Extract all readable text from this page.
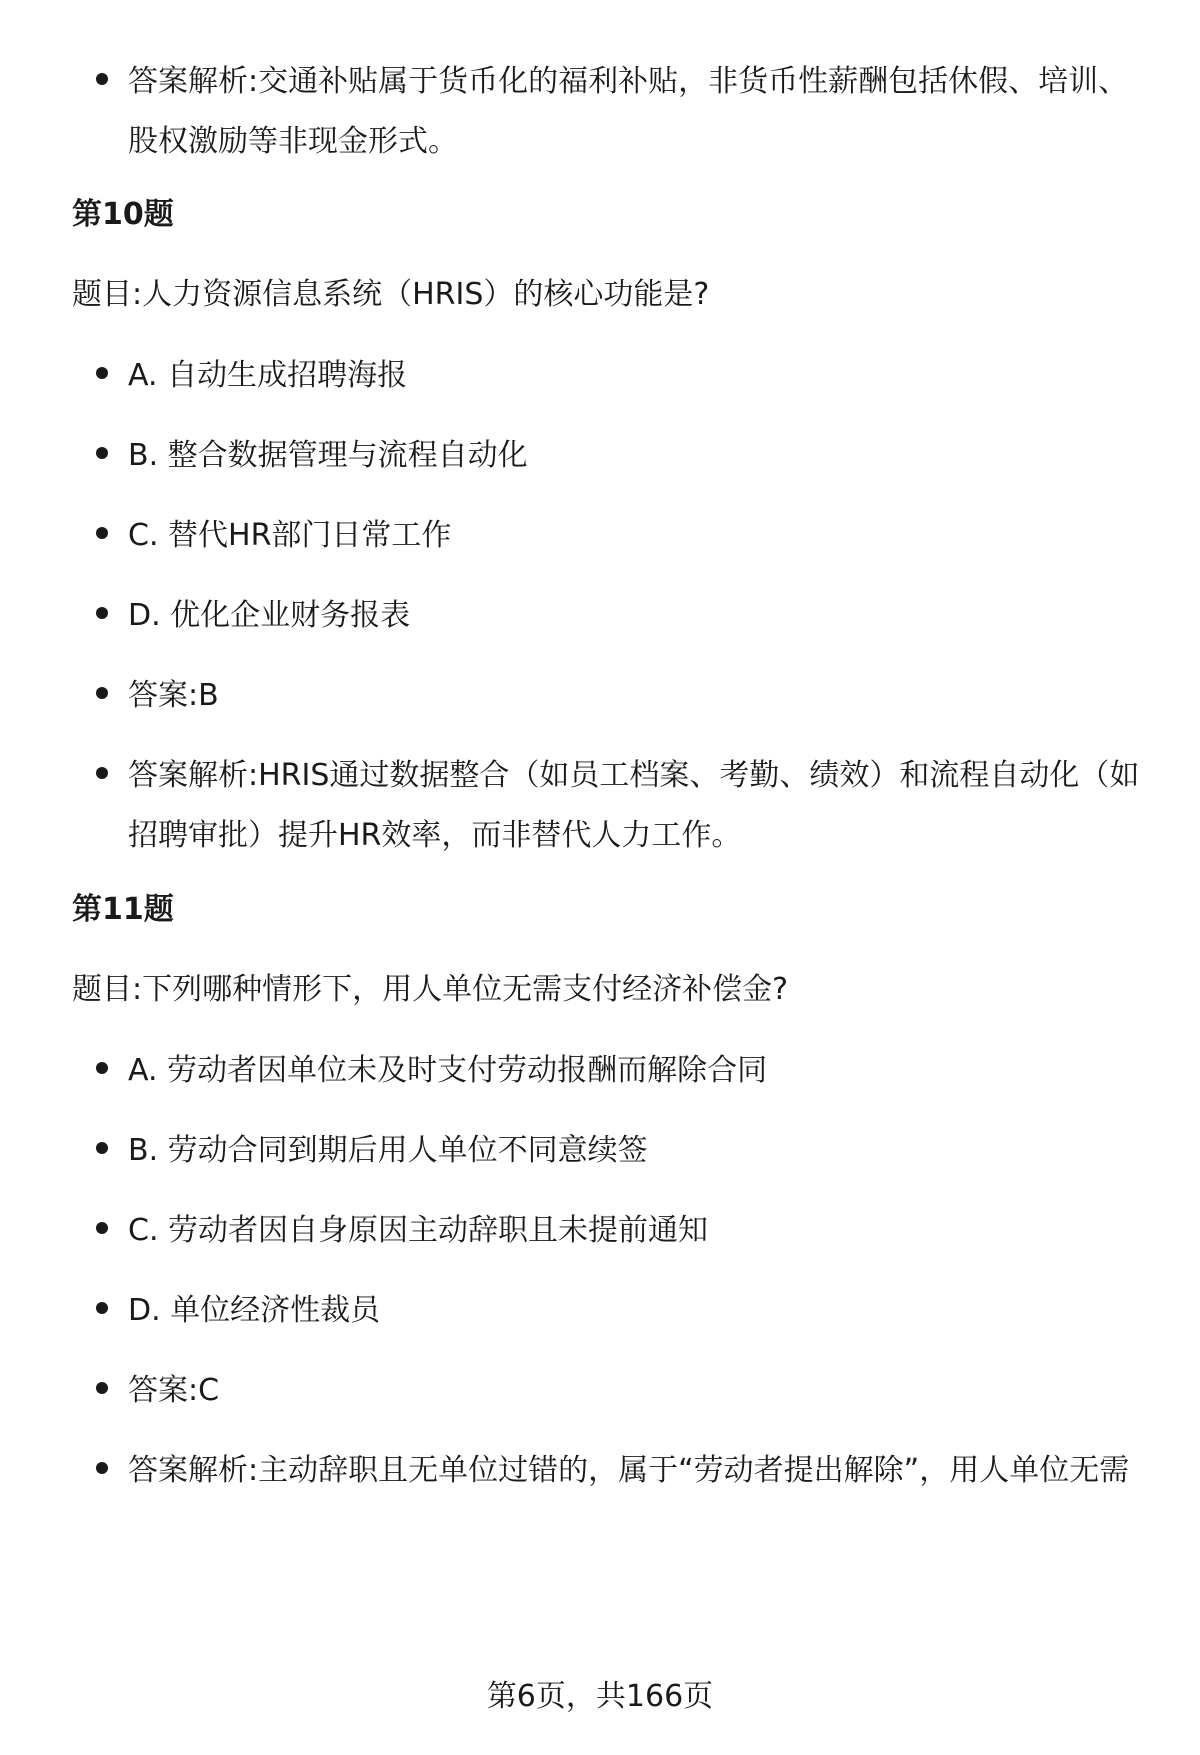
答案解析:交通补贴属于货币化的福利补贴，非货币性薪酬包括休假、培训、股权激励等非现金形式。
第10题
题目:人力资源信息系统（HRIS）的核心功能是?
A. 自动生成招聘海报
B. 整合数据管理与流程自动化
C. 替代HR部门日常工作
D. 优化企业财务报表
答案:B
答案解析:HRIS通过数据整合（如员工档案、考勤、绩效）和流程自动化（如招聘审批）提升HR效率，而非替代人力工作。
第11题
题目:下列哪种情形下，用人单位无需支付经济补偿金?
A. 劳动者因单位未及时支付劳动报酬而解除合同
B. 劳动合同到期后用人单位不同意续签
C. 劳动者因自身原因主动辞职且未提前通知
D. 单位经济性裁员
答案:C
答案解析:主动辞职且无单位过错的，属于“劳动者提出解除”，用人单位无需
第6页，共166页
